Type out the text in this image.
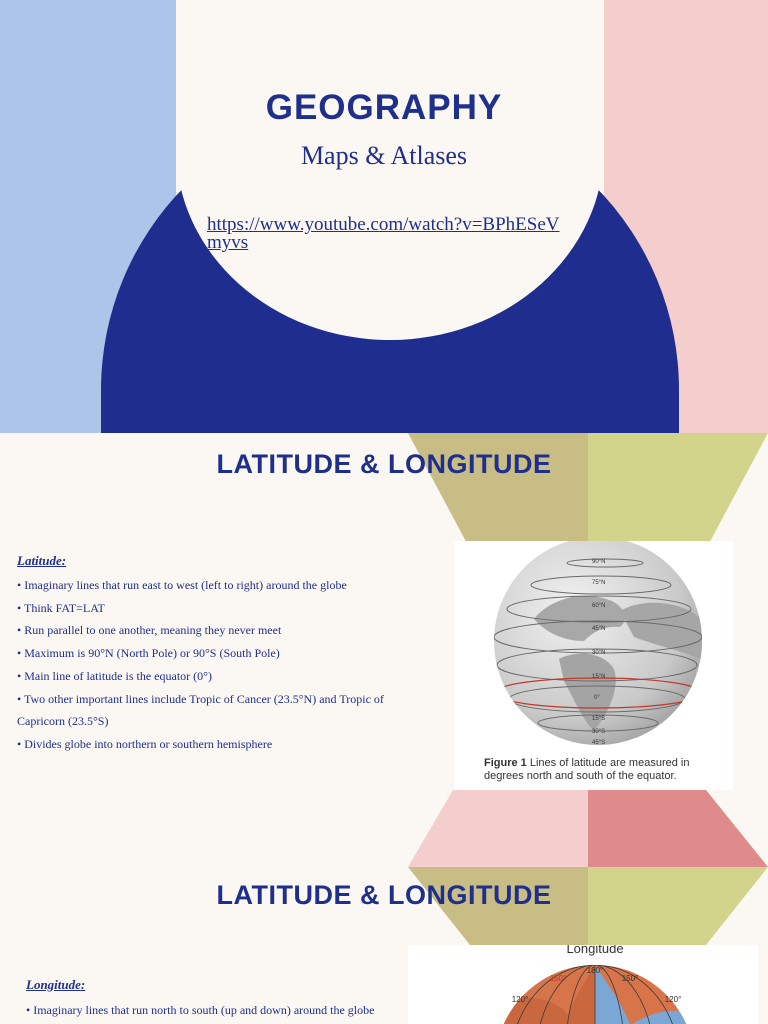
GEOGRAPHY
Maps & Atlases
https://www.youtube.com/watch?v=BPhESeVmyvs
LATITUDE & LONGITUDE
Latitude:
• Imaginary lines that run east to west (left to right) around the globe
• Think FAT=LAT
• Run parallel to one another, meaning they never meet
• Maximum is 90°N (North Pole) or 90°S (South Pole)
• Main line of latitude is the equator (0°)
• Two other important lines include Tropic of Cancer (23.5°N) and Tropic of Capricorn (23.5°S)
• Divides globe into northern or southern hemisphere
90°N
75°N
60°N
45°N
30°N
15°N
0°
15°S
30°S
45°S
Figure 1 Lines of latitude are measured in degrees north and south of the equator.
LATITUDE & LONGITUDE
Longitude:
• Imaginary lines that run north to south (up and down) around the globe
Longitude
180°
150°	150°
120°	120°
